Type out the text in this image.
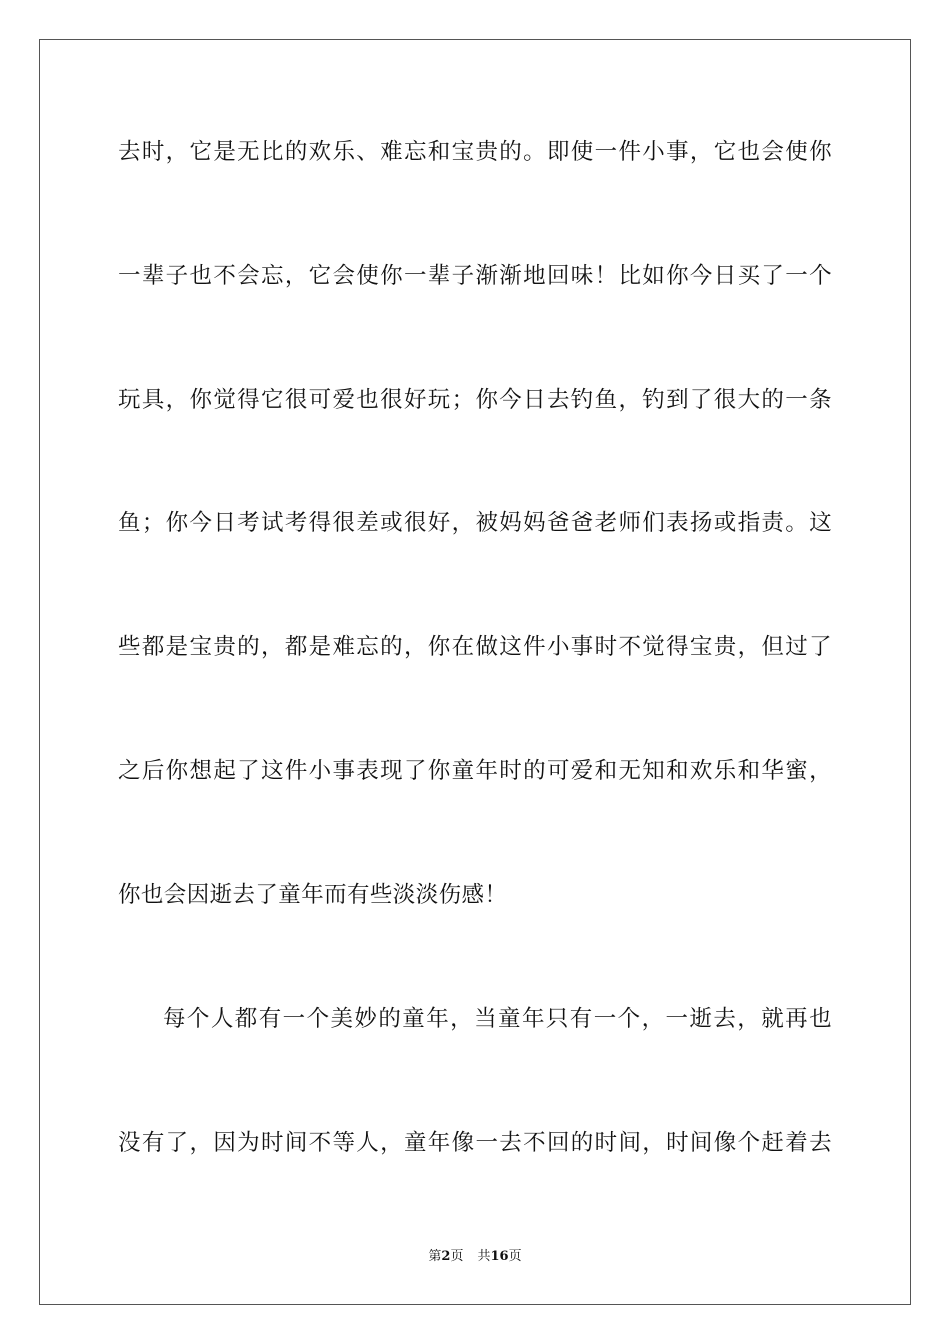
去时，它是无比的欢乐、难忘和宝贵的。即使一件小事，它也会使你
一辈子也不会忘，它会使你一辈子渐渐地回味！比如你今日买了一个
玩具，你觉得它很可爱也很好玩；你今日去钓鱼，钓到了很大的一条
鱼；你今日考试考得很差或很好，被妈妈爸爸老师们表扬或指责。这
些都是宝贵的，都是难忘的，你在做这件小事时不觉得宝贵，但过了
之后你想起了这件小事表现了你童年时的可爱和无知和欢乐和华蜜，
你也会因逝去了童年而有些淡淡伤感！
每个人都有一个美妙的童年，当童年只有一个，一逝去，就再也
没有了，因为时间不等人，童年像一去不回的时间，时间像个赶着去
第2页 共16页
